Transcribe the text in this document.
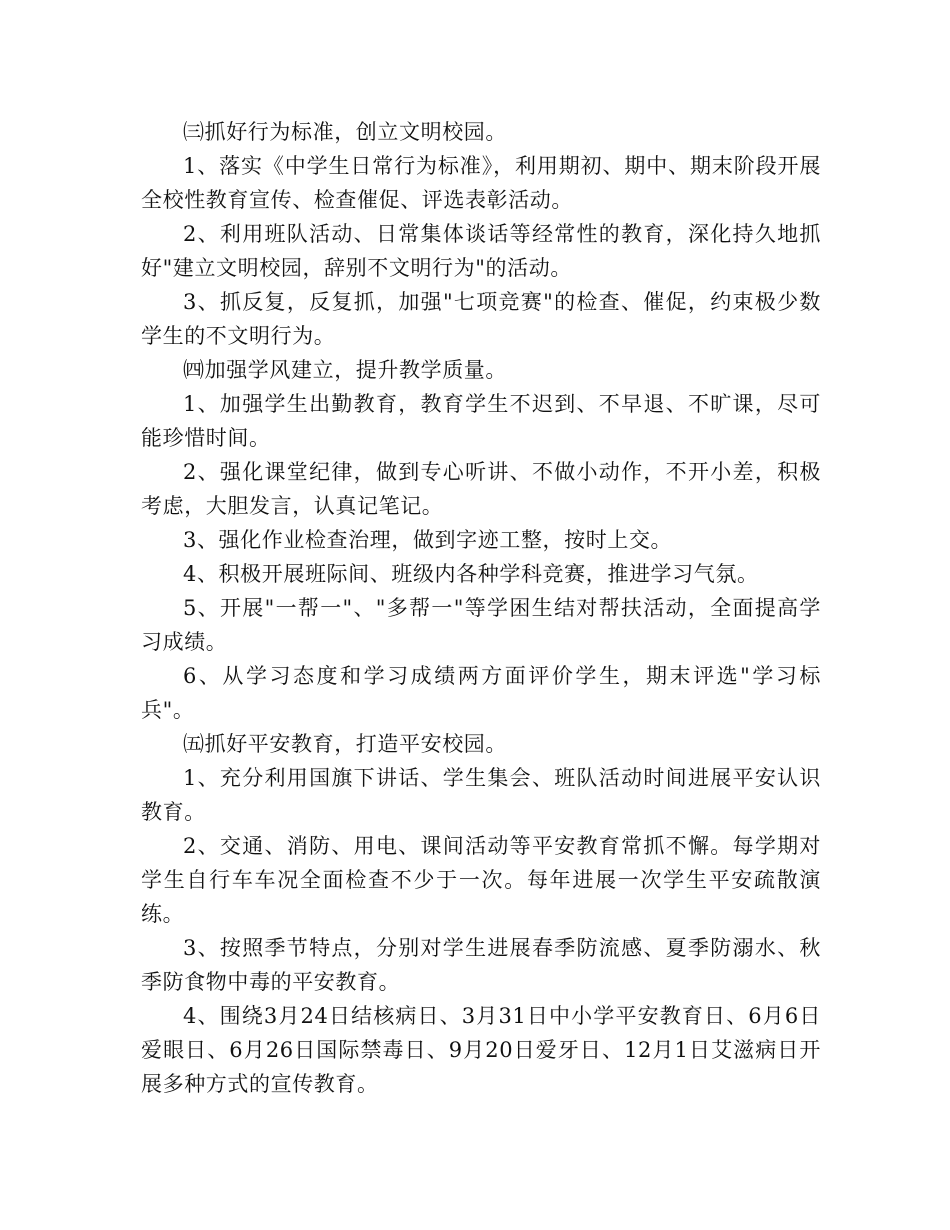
㈢抓好行为标准，创立文明校园。

1、落实《中学生日常行为标准》，利用期初、期中、期末阶段开展全校性教育宣传、检查催促、评选表彰活动。

2、利用班队活动、日常集体谈话等经常性的教育，深化持久地抓好"建立文明校园，辞别不文明行为"的活动。

3、抓反复，反复抓，加强"七项竞赛"的检查、催促，约束极少数学生的不文明行为。

㈣加强学风建立，提升教学质量。

1、加强学生出勤教育，教育学生不迟到、不早退、不旷课，尽可能珍惜时间。

2、强化课堂纪律，做到专心听讲、不做小动作，不开小差，积极考虑，大胆发言，认真记笔记。

3、强化作业检查治理，做到字迹工整，按时上交。

4、积极开展班际间、班级内各种学科竞赛，推进学习气氛。

5、开展"一帮一"、"多帮一"等学困生结对帮扶活动，全面提高学习成绩。

6、从学习态度和学习成绩两方面评价学生，期末评选"学习标兵"。

㈤抓好平安教育，打造平安校园。

1、充分利用国旗下讲话、学生集会、班队活动时间进展平安认识教育。

2、交通、消防、用电、课间活动等平安教育常抓不懈。每学期对学生自行车车况全面检查不少于一次。每年进展一次学生平安疏散演练。

3、按照季节特点，分别对学生进展春季防流感、夏季防溺水、秋季防食物中毒的平安教育。

4、围绕3月24日结核病日、3月31日中小学平安教育日、6月6日爱眼日、6月26日国际禁毒日、9月20日爱牙日、12月1日艾滋病日开展多种方式的宣传教育。
